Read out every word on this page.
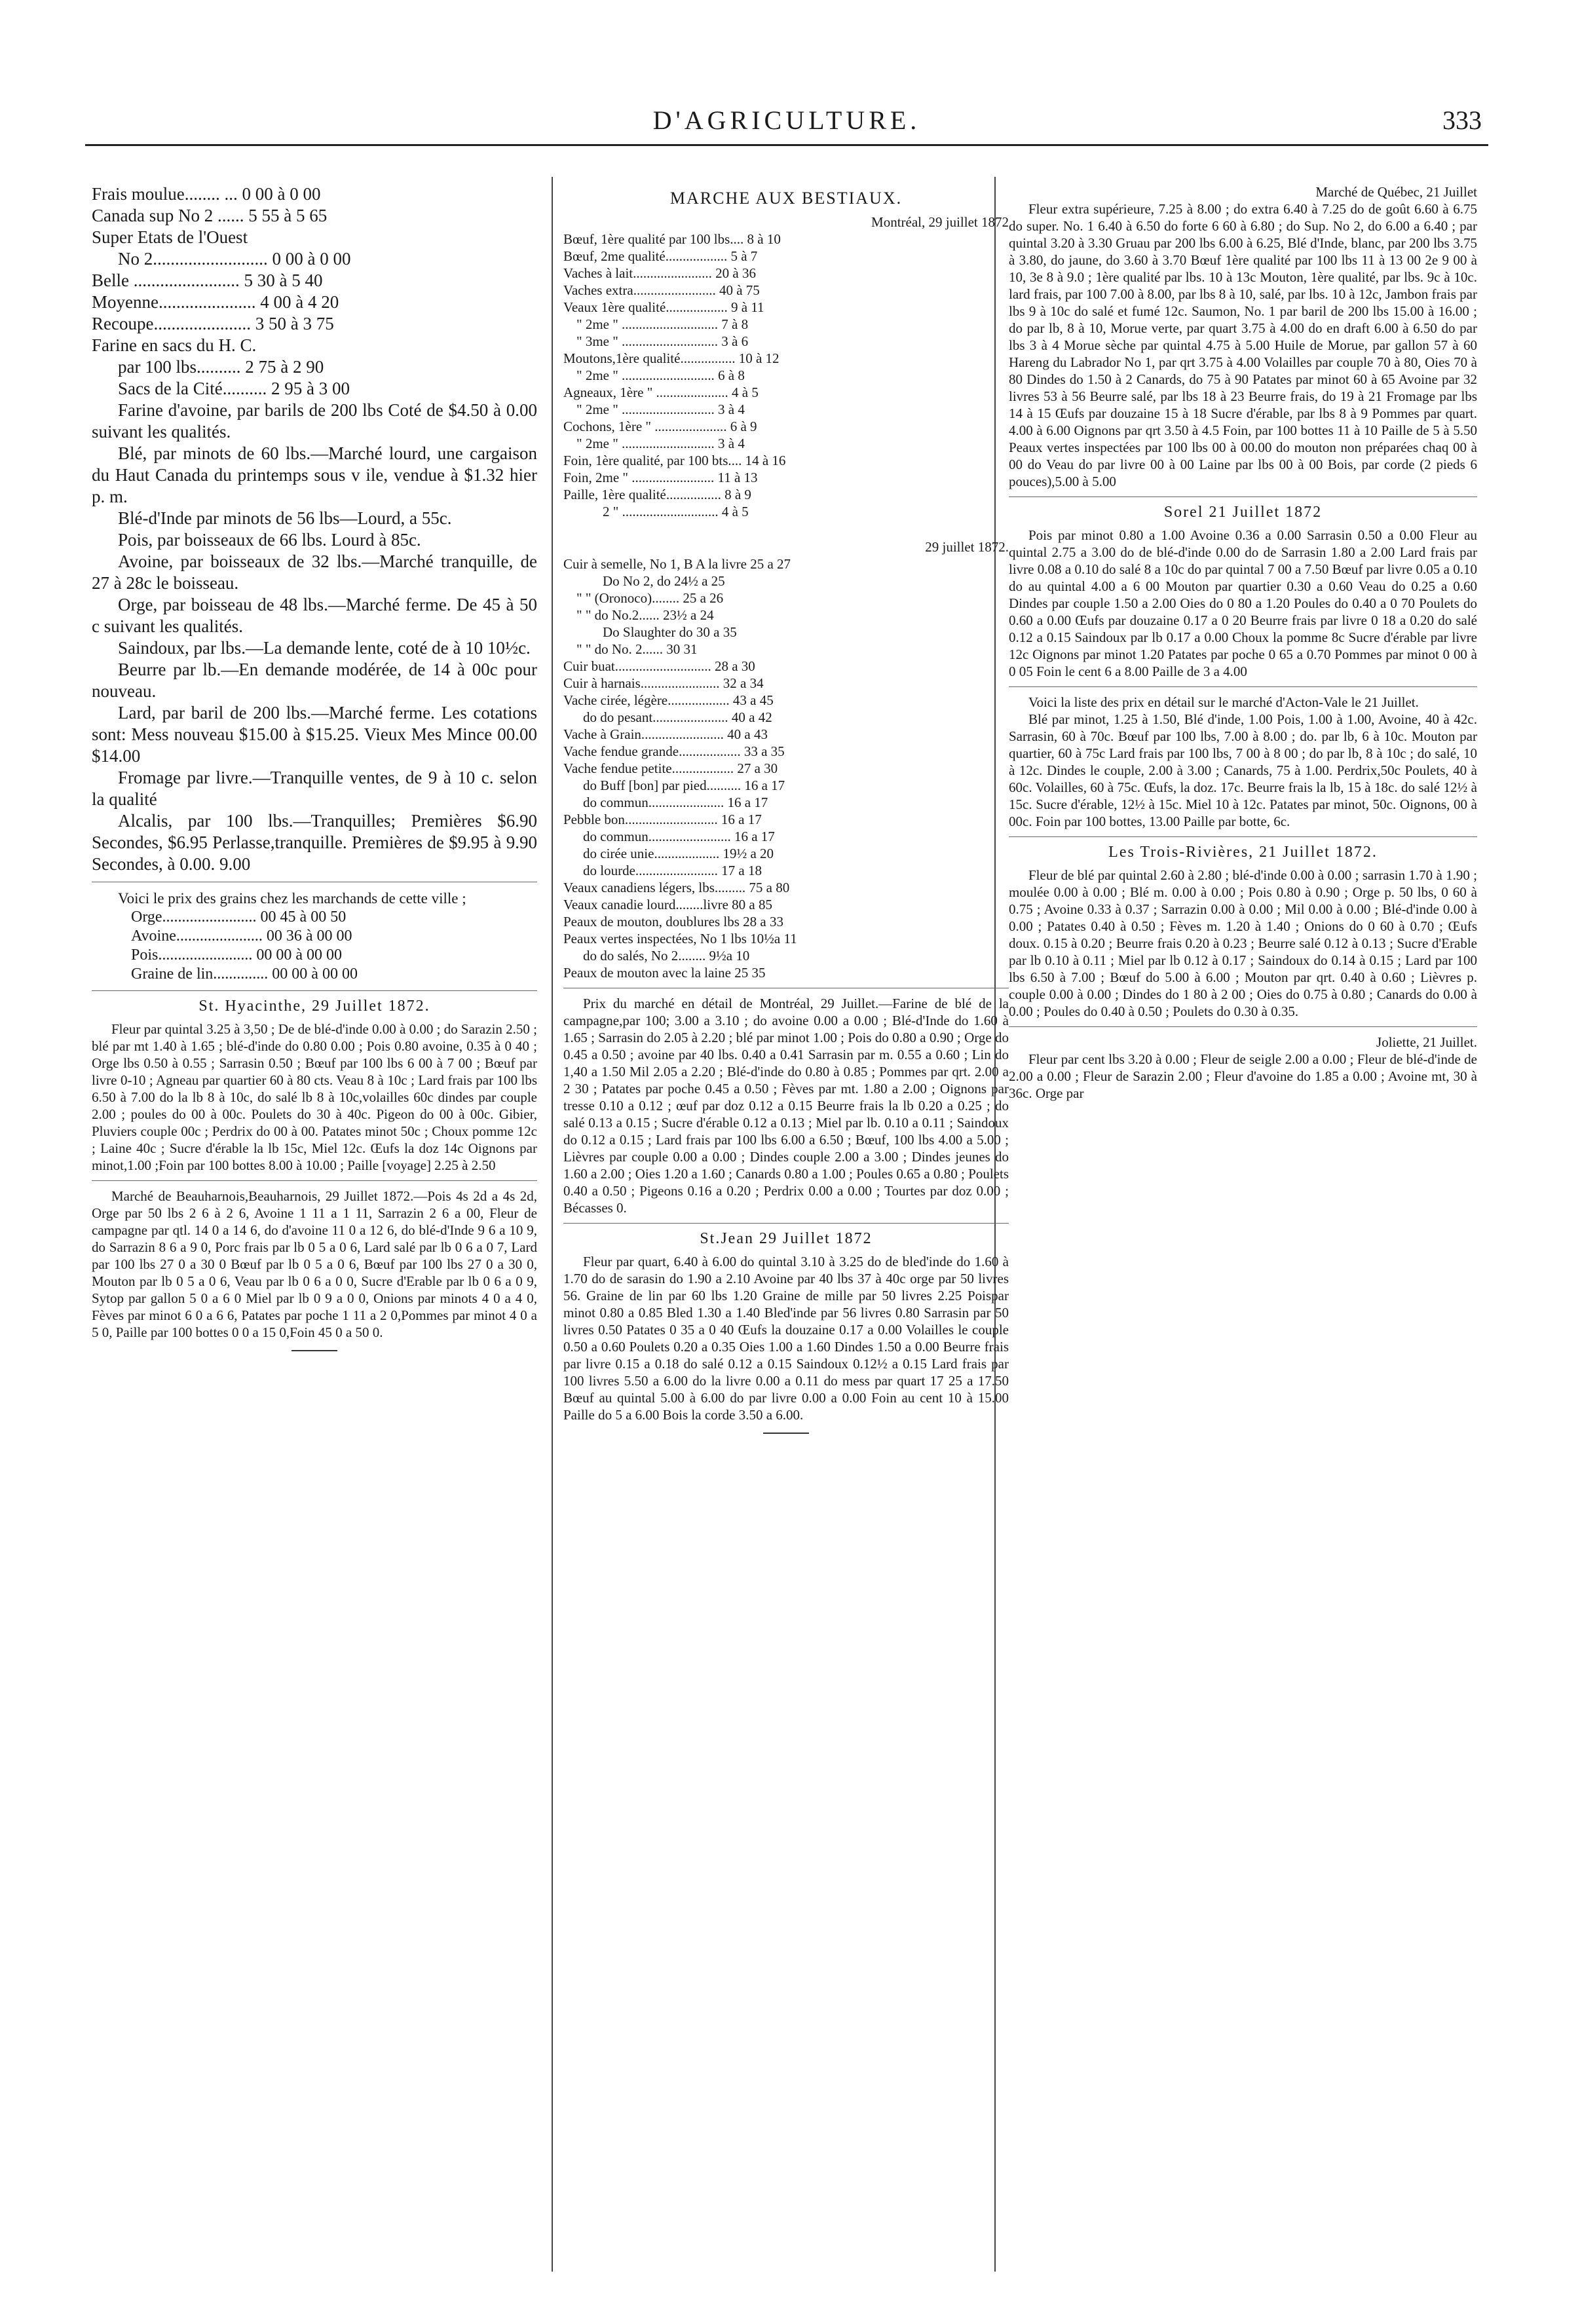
D'AGRICULTURE.	333
Frais moulue........ ... 0 00 à 0 00
Canada sup No 2 ...... 5 55 à 5 65
Super Etats de l'Ouest
No 2.......................... 0 00 à 0 00
Belle ........................ 5 30 à 5 40
Moyenne...................... 4 00 à 4 20
Recoupe...................... 3 50 à 3 75
Farine en sacs du H. C.
par 100 lbs.......... 2 75 à 2 90
Sacs de la Cité.......... 2 95 à 3 00
Farine d'avoine, par barils de 200 lbs Coté de $4.50 à 0.00 suivant les qualités.
Blé, par minots de 60 lbs.—Marché lourd, une cargaison du Haut Canada du printemps sous v ile, vendue à $1.32 hier p. m.
Blé-d'Inde par minots de 56 lbs—Lourd, a 55c.
Pois, par boisseaux de 66 lbs. Lourd à 85c.
Avoine, par boisseaux de 32 lbs.—Marché tranquille, de 27 à 28c le boisseau.
Orge, par boisseau de 48 lbs.—Marché ferme. De 45 à 50 c suivant les qualités.
Saindoux, par lbs.—La demande lente, coté de à 10 10½c.
Beurre par lb.—En demande modérée, de 14 à 00c pour nouveau.
Lard, par baril de 200 lbs.—Marché ferme. Les cotations sont: Mess nouveau $15.00 à $15.25. Vieux Mes Mince 00.00 $14.00
Fromage par livre.—Tranquille ventes, de 9 à 10 c. selon la qualité
Alcalis, par 100 lbs.—Tranquilles; Premières $6.90 Secondes, $6.95 Perlasse,tranquille. Premières de $9.95 à 9.90 Secondes, à 0.00. 9.00
Voici le prix des grains chez les marchands de cette ville ;
Orge........................ 00 45 à 00 50
Avoine...................... 00 36 à 00 00
Pois........................ 00 00 à 00 00
Graine de lin.............. 00 00 à 00 00
St. Hyacinthe, 29 Juillet 1872.
Fleur par quintal 3.25 à 3,50 ; De de blé-d'inde 0.00 à 0.00 ; do Sarazin 2.50 ; blé par mt 1.40 à 1.65 ; blé-d'inde do 0.80 0.00 ; Pois 0.80 avoine, 0.35 à 0 40 ; Orge lbs 0.50 à 0.55 ; Sarrasin 0.50 ; Bœuf par 100 lbs 6 00 à 7 00 ; Bœuf par livre 0-10 ; Agneau par quartier 60 à 80 cts. Veau 8 à 10c ; Lard frais par 100 lbs 6.50 à 7.00 do la lb 8 à 10c, do salé lb 8 à 10c,volailles 60c dindes par couple 2.00 ; poules do 00 à 00c. Poulets do 30 à 40c. Pigeon do 00 à 00c. Gibier, Pluviers couple 00c ; Perdrix do 00 à 00. Patates minot 50c ; Choux pomme 12c ; Laine 40c ; Sucre d'érable la lb 15c, Miel 12c. Œufs la doz 14c Oignons par minot,1.00 ;Foin par 100 bottes 8.00 à 10.00 ; Paille [voyage] 2.25 à 2.50
Marché de Beauharnois,Beauharnois, 29 Juillet 1872.—Pois 4s 2d a 4s 2d, Orge par 50 lbs 2 6 à 2 6, Avoine 1 11 a 1 11, Sarrazin 2 6 a 00, Fleur de campagne par qtl. 14 0 a 14 6, do d'avoine 11 0 a 12 6, do blé-d'Inde 9 6 a 10 9, do Sarrazin 8 6 a 9 0, Porc frais par lb 0 5 a 0 6, Lard salé par lb 0 6 a 0 7, Lard par 100 lbs 27 0 a 30 0 Bœuf par lb 0 5 a 0 6, Bœuf par 100 lbs 27 0 a 30 0, Mouton par lb 0 5 a 0 6, Veau par lb 0 6 a 0 0, Sucre d'Erable par lb 0 6 a 0 9, Sytop par gallon 5 0 a 6 0 Miel par lb 0 9 a 0 0, Onions par minots 4 0 a 4 0, Fèves par minot 6 0 a 6 6, Patates par poche 1 11 a 2 0,Pommes par minot 4 0 a 5 0, Paille par 100 bottes 0 0 a 15 0,Foin 45 0 a 50 0.
MARCHE AUX BESTIAUX.
Montréal, 29 juillet 1872
Bœuf, 1ère qualité par 100 lbs.... 8 à 10
Bœuf, 2me qualité.................. 5 à 7
Vaches à lait....................... 20 à 36
Vaches extra........................ 40 à 75
Veaux 1ère qualité.................. 9 à 11
" 2me " ............................ 7 à 8
" 3me " ............................ 3 à 6
Moutons,1ère qualité................ 10 à 12
" 2me " ........................... 6 à 8
Agneaux, 1ère " ..................... 4 à 5
" 2me " ........................... 3 à 4
Cochons, 1ère " ..................... 6 à 9
" 2me " ........................... 3 à 4
Foin, 1ère qualité, par 100 bts.... 14 à 16
Foin, 2me " ........................ 11 à 13
Paille, 1ère qualité................ 8 à 9
2 " ............................ 4 à 5
29 juillet 1872.
Cuir à semelle, No 1, B A la livre 25 a 27
Do No 2, do 24½ a 25
" " (Oronoco)........ 25 a 26
" " do No.2...... 23½ a 24
Do Slaughter do 30 a 35
" " do No. 2...... 30 31
Cuir buat............................ 28 a 30
Cuir à harnais....................... 32 a 34
Vache cirée, légère.................. 43 a 45
do do pesant...................... 40 a 42
Vache à Grain........................ 40 a 43
Vache fendue grande.................. 33 a 35
Vache fendue petite.................. 27 a 30
do Buff [bon] par pied.......... 16 a 17
do commun...................... 16 a 17
Pebble bon........................... 16 a 17
do commun........................ 16 a 17
do cirée unie................... 19½ a 20
do lourde........................ 17 a 18
Veaux canadiens légers, lbs......... 75 a 80
Veaux canadie lourd........livre 80 a 85
Peaux de mouton, doublures lbs 28 a 33
Peaux vertes inspectées, No 1 lbs 10½a 11
do do salés, No 2........ 9½a 10
Peaux de mouton avec la laine 25 35
Prix du marché en détail de Montréal, 29 Juillet.—Farine de blé de la campagne,par 100; 3.00 a 3.10 ; do avoine 0.00 a 0.00 ; Blé-d'Inde do 1.60 à 1.65 ; Sarrasin do 2.05 à 2.20 ; blé par minot 1.00 ; Pois do 0.80 a 0.90 ; Orge do 0.45 a 0.50 ; avoine par 40 lbs. 0.40 a 0.41 Sarrasin par m. 0.55 a 0.60 ; Lin do 1,40 a 1.50 Mil 2.05 a 2.20 ; Blé-d'inde do 0.80 à 0.85 ; Pommes par qrt. 2.00 a 2 30 ; Patates par poche 0.45 a 0.50 ; Fèves par mt. 1.80 a 2.00 ; Oignons par tresse 0.10 a 0.12 ; œuf par doz 0.12 a 0.15 Beurre frais la lb 0.20 a 0.25 ; do salé 0.13 a 0.15 ; Sucre d'érable 0.12 a 0.13 ; Miel par lb. 0.10 a 0.11 ; Saindoux do 0.12 a 0.15 ; Lard frais par 100 lbs 6.00 a 6.50 ; Bœuf, 100 lbs 4.00 a 5.00 ; Lièvres par couple 0.00 a 0.00 ; Dindes couple 2.00 a 3.00 ; Dindes jeunes do 1.60 a 2.00 ; Oies 1.20 a 1.60 ; Canards 0.80 a 1.00 ; Poules 0.65 a 0.80 ; Poulets 0.40 a 0.50 ; Pigeons 0.16 a 0.20 ; Perdrix 0.00 a 0.00 ; Tourtes par doz 0.00 ; Bécasses 0.
St.Jean 29 Juillet 1872
Fleur par quart, 6.40 à 6.00 do quintal 3.10 à 3.25 do de bled'inde do 1.60 à 1.70 do de sarasin do 1.90 a 2.10 Avoine par 40 lbs 37 à 40c orge par 50 livres 56. Graine de lin par 60 lbs 1.20 Graine de mille par 50 livres 2.25 Poispar minot 0.80 a 0.85 Bled 1.30 a 1.40 Bled'inde par 56 livres 0.80 Sarrasin par 50 livres 0.50 Patates 0 35 a 0 40 Œufs la douzaine 0.17 a 0.00 Volailles le couple 0.50 a 0.60 Poulets 0.20 a 0.35 Oies 1.00 a 1.60 Dindes 1.50 a 0.00 Beurre frais par livre 0.15 a 0.18 do salé 0.12 a 0.15 Saindoux 0.12½ a 0.15 Lard frais par 100 livres 5.50 a 6.00 do la livre 0.00 a 0.11 do mess par quart 17 25 a 17.50 Bœuf au quintal 5.00 à 6.00 do par livre 0.00 a 0.00 Foin au cent 10 à 15.00 Paille do 5 a 6.00 Bois la corde 3.50 a 6.00.
Marché de Québec, 21 Juillet
Fleur extra supérieure, 7.25 à 8.00 ; do extra 6.40 à 7.25 do de goût 6.60 à 6.75 do super. No. 1 6.40 à 6.50 do forte 6 60 à 6.80 ; do Sup. No 2, do 6.00 a 6.40 ; par quintal 3.20 à 3.30 Gruau par 200 lbs 6.00 à 6.25, Blé d'Inde, blanc, par 200 lbs 3.75 à 3.80, do jaune, do 3.60 à 3.70 Bœuf 1ère qualité par 100 lbs 11 à 13 00 2e 9 00 à 10, 3e 8 à 9.0 ; 1ère qualité par lbs. 10 à 13c Mouton, 1ère qualité, par lbs. 9c à 10c. lard frais, par 100 7.00 à 8.00, par lbs 8 à 10, salé, par lbs. 10 à 12c, Jambon frais par lbs 9 à 10c do salé et fumé 12c. Saumon, No. 1 par baril de 200 lbs 15.00 à 16.00 ; do par lb, 8 à 10, Morue verte, par quart 3.75 à 4.00 do en draft 6.00 à 6.50 do par lbs 3 à 4 Morue sèche par quintal 4.75 à 5.00 Huile de Morue, par gallon 57 à 60 Hareng du Labrador No 1, par qrt 3.75 à 4.00 Volailles par couple 70 à 80, Oies 70 à 80 Dindes do 1.50 à 2 Canards, do 75 à 90 Patates par minot 60 à 65 Avoine par 32 livres 53 à 56 Beurre salé, par lbs 18 à 23 Beurre frais, do 19 à 21 Fromage par lbs 14 à 15 Œufs par douzaine 15 à 18 Sucre d'érable, par lbs 8 à 9 Pommes par quart. 4.00 à 6.00 Oignons par qrt 3.50 à 4.5 Foin, par 100 bottes 11 à 10 Paille de 5 à 5.50 Peaux vertes inspectées par 100 lbs 00 à 00.00 do mouton non préparées chaq 00 à 00 do Veau do par livre 00 à 00 Laine par lbs 00 à 00 Bois, par corde (2 pieds 6 pouces),5.00 à 5.00
Sorel 21 Juillet 1872
Pois par minot 0.80 a 1.00 Avoine 0.36 a 0.00 Sarrasin 0.50 a 0.00 Fleur au quintal 2.75 a 3.00 do de blé-d'inde 0.00 do de Sarrasin 1.80 a 2.00 Lard frais par livre 0.08 a 0.10 do salé 8 a 10c do par quintal 7 00 a 7.50 Bœuf par livre 0.05 a 0.10 do au quintal 4.00 a 6 00 Mouton par quartier 0.30 a 0.60 Veau do 0.25 a 0.60 Dindes par couple 1.50 a 2.00 Oies do 0 80 a 1.20 Poules do 0.40 a 0 70 Poulets do 0.60 a 0.00 Œufs par douzaine 0.17 a 0 20 Beurre frais par livre 0 18 a 0.20 do salé 0.12 a 0.15 Saindoux par lb 0.17 a 0.00 Choux la pomme 8c Sucre d'érable par livre 12c Oignons par minot 1.20 Patates par poche 0 65 a 0.70 Pommes par minot 0 00 à 0 05 Foin le cent 6 a 8.00 Paille de 3 a 4.00
Voici la liste des prix en détail sur le marché d'Acton-Vale le 21 Juillet.
Blé par minot, 1.25 à 1.50, Blé d'inde, 1.00 Pois, 1.00 à 1.00, Avoine, 40 à 42c. Sarrasin, 60 à 70c. Bœuf par 100 lbs, 7.00 à 8.00 ; do. par lb, 6 à 10c. Mouton par quartier, 60 à 75c Lard frais par 100 lbs, 7 00 à 8 00 ; do par lb, 8 à 10c ; do salé, 10 à 12c. Dindes le couple, 2.00 à 3.00 ; Canards, 75 à 1.00. Perdrix,50c Poulets, 40 à 60c. Volailles, 60 à 75c. Œufs, la doz. 17c. Beurre frais la lb, 15 à 18c. do salé 12½ à 15c. Sucre d'érable, 12½ à 15c. Miel 10 à 12c. Patates par minot, 50c. Oignons, 00 à 00c. Foin par 100 bottes, 13.00 Paille par botte, 6c.
Les Trois-Rivières, 21 Juillet 1872.
Fleur de blé par quintal 2.60 à 2.80 ; blé-d'inde 0.00 à 0.00 ; sarrasin 1.70 à 1.90 ; moulée 0.00 à 0.00 ; Blé m. 0.00 à 0.00 ; Pois 0.80 à 0.90 ; Orge p. 50 lbs, 0 60 à 0.75 ; Avoine 0.33 à 0.37 ; Sarrazin 0.00 à 0.00 ; Mil 0.00 à 0.00 ; Blé-d'inde 0.00 à 0.00 ; Patates 0.40 à 0.50 ; Fèves m. 1.20 à 1.40 ; Onions do 0 60 à 0.70 ; Œufs doux. 0.15 à 0.20 ; Beurre frais 0.20 à 0.23 ; Beurre salé 0.12 à 0.13 ; Sucre d'Erable par lb 0.10 à 0.11 ; Miel par lb 0.12 à 0.17 ; Saindoux do 0.14 à 0.15 ; Lard par 100 lbs 6.50 à 7.00 ; Bœuf do 5.00 à 6.00 ; Mouton par qrt. 0.40 à 0.60 ; Lièvres p. couple 0.00 à 0.00 ; Dindes do 1 80 à 2 00 ; Oies do 0.75 à 0.80 ; Canards do 0.00 à 0.00 ; Poules do 0.40 à 0.50 ; Poulets do 0.30 à 0.35.
Joliette, 21 Juillet.
Fleur par cent lbs 3.20 à 0.00 ; Fleur de seigle 2.00 a 0.00 ; Fleur de blé-d'inde de 2.00 a 0.00 ; Fleur de Sarazin 2.00 ; Fleur d'avoine do 1.85 a 0.00 ; Avoine mt, 30 à 36c. Orge par
